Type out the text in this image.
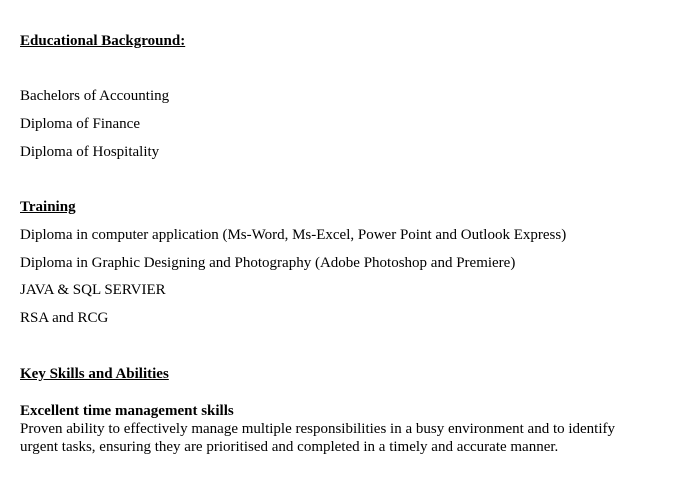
Educational Background:
Bachelors of Accounting
Diploma of Finance
Diploma of Hospitality
Training
Diploma in computer application (Ms-Word, Ms-Excel, Power Point and Outlook Express)
Diploma in Graphic Designing and Photography (Adobe Photoshop and Premiere)
JAVA & SQL SERVIER
RSA and RCG
Key Skills and Abilities
Excellent time management skills
Proven ability to effectively manage multiple responsibilities in a busy environment and to identify urgent tasks, ensuring they are prioritised and completed in a timely and accurate manner.
